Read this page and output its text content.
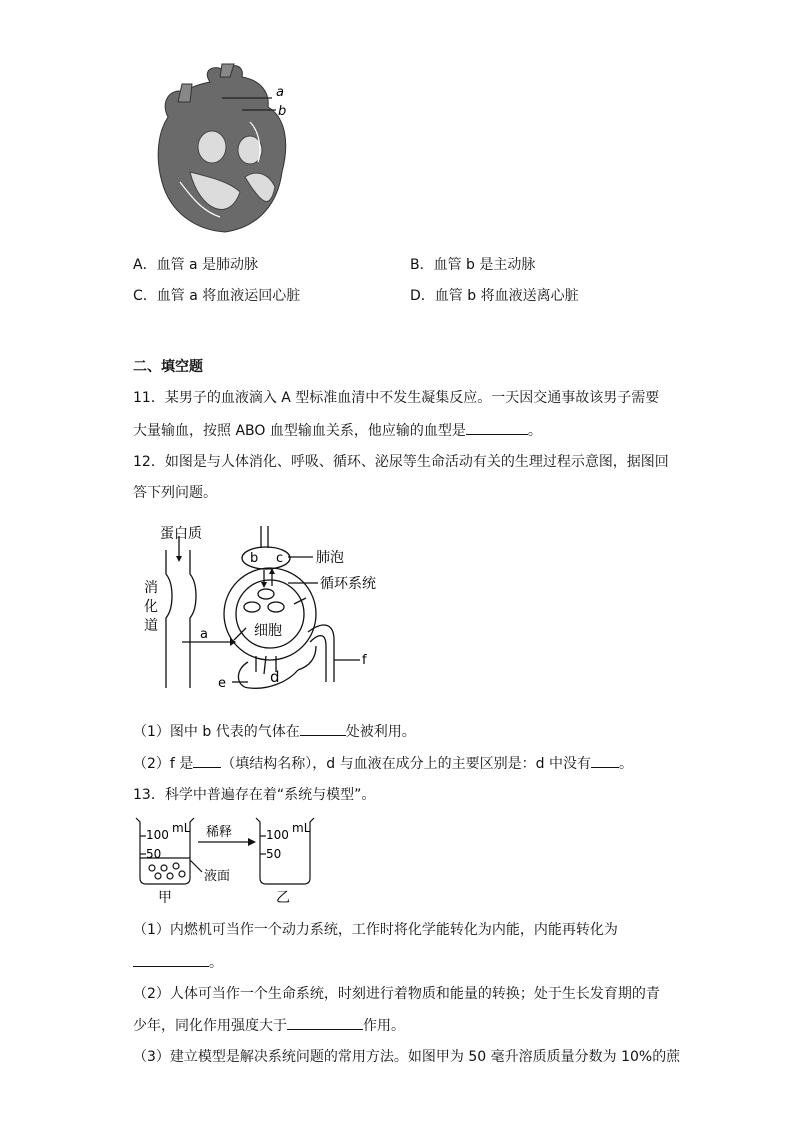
a
b
A．血管 a 是肺动脉	B．血管 b 是主动脉
C．血管 a 将血液运回心脏	D．血管 b 将血液送离心脏
二、填空题
11．某男子的血液滴入 A 型标准血清中不发生凝集反应。一天因交通事故该男子需要
大量输血，按照 ABO 血型输血关系，他应输的血型是	。
12．如图是与人体消化、呼吸、循环、泌尿等生命活动有关的生理过程示意图，据图回
答下列问题。
蛋白质
消
化
道
肺泡
循环系统
细胞
a
b c
d
e
f
（1）图中 b 代表的气体在	处被利用。
（2）f 是 （填结构名称），d 与血液在成分上的主要区别是：d 中没有 。
13．科学中普遍存在着“系统与模型”。
100 mL
50
稀释
液面
100 mL
50
甲	乙
（1）内燃机可当作一个动力系统，工作时将化学能转化为内能，内能再转化为
。
（2）人体可当作一个生命系统，时刻进行着物质和能量的转换；处于生长发育期的青
少年，同化作用强度大于	作用。
（3）建立模型是解决系统问题的常用方法。如图甲为 50 毫升溶质质量分数为 10%的蔗
